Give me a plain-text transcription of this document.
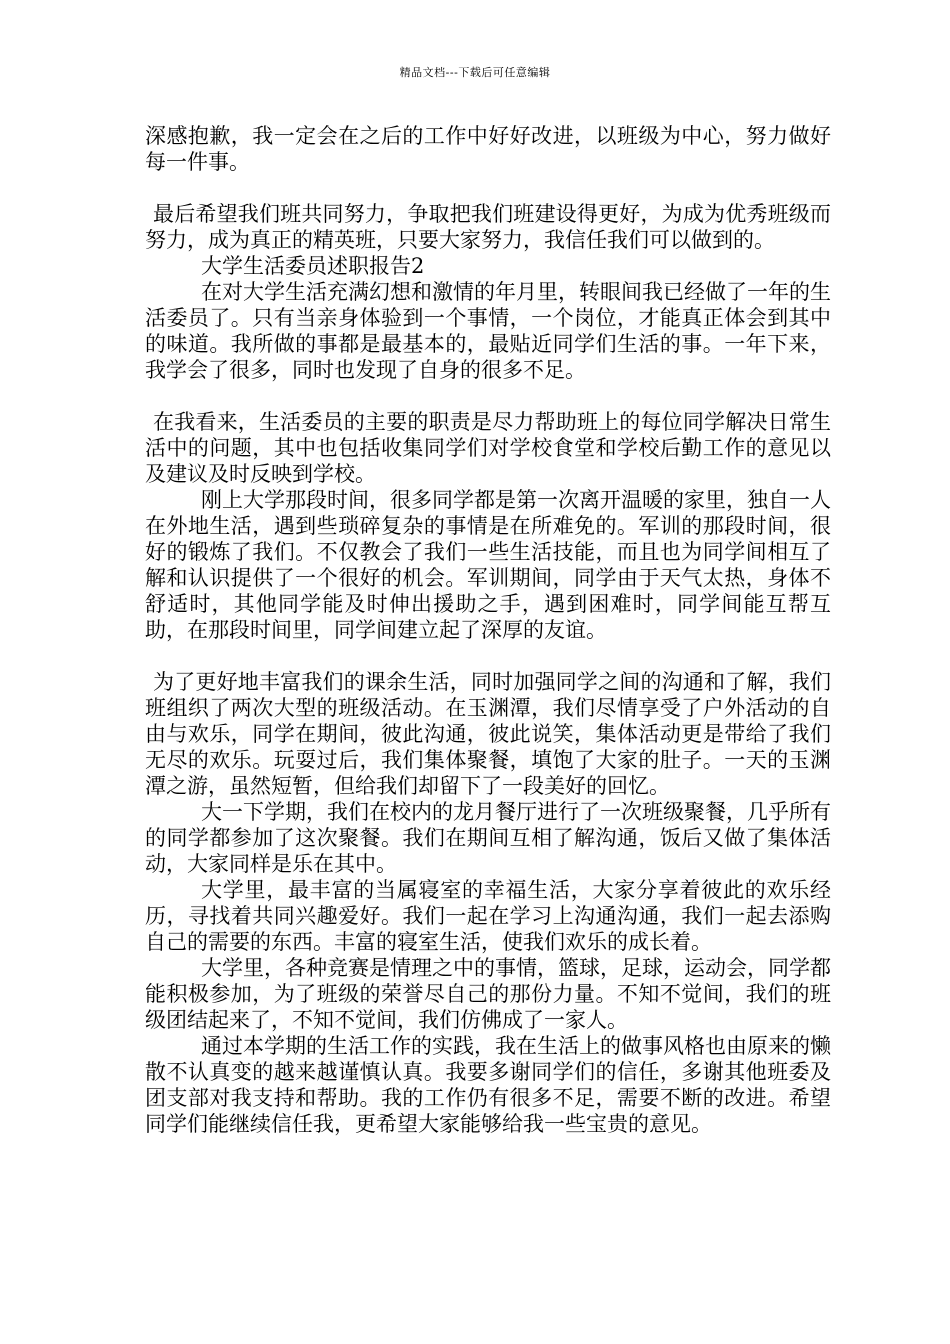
精品文档---下载后可任意编辑

深感抱歉，我一定会在之后的工作中好好改进，以班级为中心，努力做好每一件事。

最后希望我们班共同努力，争取把我们班建设得更好，为成为优秀班级而努力，成为真正的精英班，只要大家努力，我信任我们可以做到的。

大学生活委员述职报告2

在对大学生活充满幻想和激情的年月里，转眼间我已经做了一年的生活委员了。只有当亲身体验到一个事情，一个岗位，才能真正体会到其中的味道。我所做的事都是最基本的，最贴近同学们生活的事。一年下来，我学会了很多，同时也发现了自身的很多不足。

在我看来，生活委员的主要的职责是尽力帮助班上的每位同学解决日常生活中的问题，其中也包括收集同学们对学校食堂和学校后勤工作的意见以及建议及时反映到学校。

刚上大学那段时间，很多同学都是第一次离开温暖的家里，独自一人在外地生活，遇到些琐碎复杂的事情是在所难免的。军训的那段时间，很好的锻炼了我们。不仅教会了我们一些生活技能，而且也为同学间相互了解和认识提供了一个很好的机会。军训期间，同学由于天气太热，身体不舒适时，其他同学能及时伸出援助之手，遇到困难时，同学间能互帮互助，在那段时间里，同学间建立起了深厚的友谊。

为了更好地丰富我们的课余生活，同时加强同学之间的沟通和了解，我们班组织了两次大型的班级活动。在玉渊潭，我们尽情享受了户外活动的自由与欢乐，同学在期间，彼此沟通，彼此说笑，集体活动更是带给了我们无尽的欢乐。玩耍过后，我们集体聚餐，填饱了大家的肚子。一天的玉渊潭之游，虽然短暂，但给我们却留下了一段美好的回忆。

大一下学期，我们在校内的龙月餐厅进行了一次班级聚餐，几乎所有的同学都参加了这次聚餐。我们在期间互相了解沟通，饭后又做了集体活动，大家同样是乐在其中。

大学里，最丰富的当属寝室的幸福生活，大家分享着彼此的欢乐经历，寻找着共同兴趣爱好。我们一起在学习上沟通沟通，我们一起去添购自己的需要的东西。丰富的寝室生活，使我们欢乐的成长着。

大学里，各种竞赛是情理之中的事情，篮球，足球，运动会，同学都能积极参加，为了班级的荣誉尽自己的那份力量。不知不觉间，我们的班级团结起来了，不知不觉间，我们仿佛成了一家人。

通过本学期的生活工作的实践，我在生活上的做事风格也由原来的懒散不认真变的越来越谨慎认真。我要多谢同学们的信任，多谢其他班委及团支部对我支持和帮助。我的工作仍有很多不足，需要不断的改进。希望同学们能继续信任我，更希望大家能够给我一些宝贵的意见。
